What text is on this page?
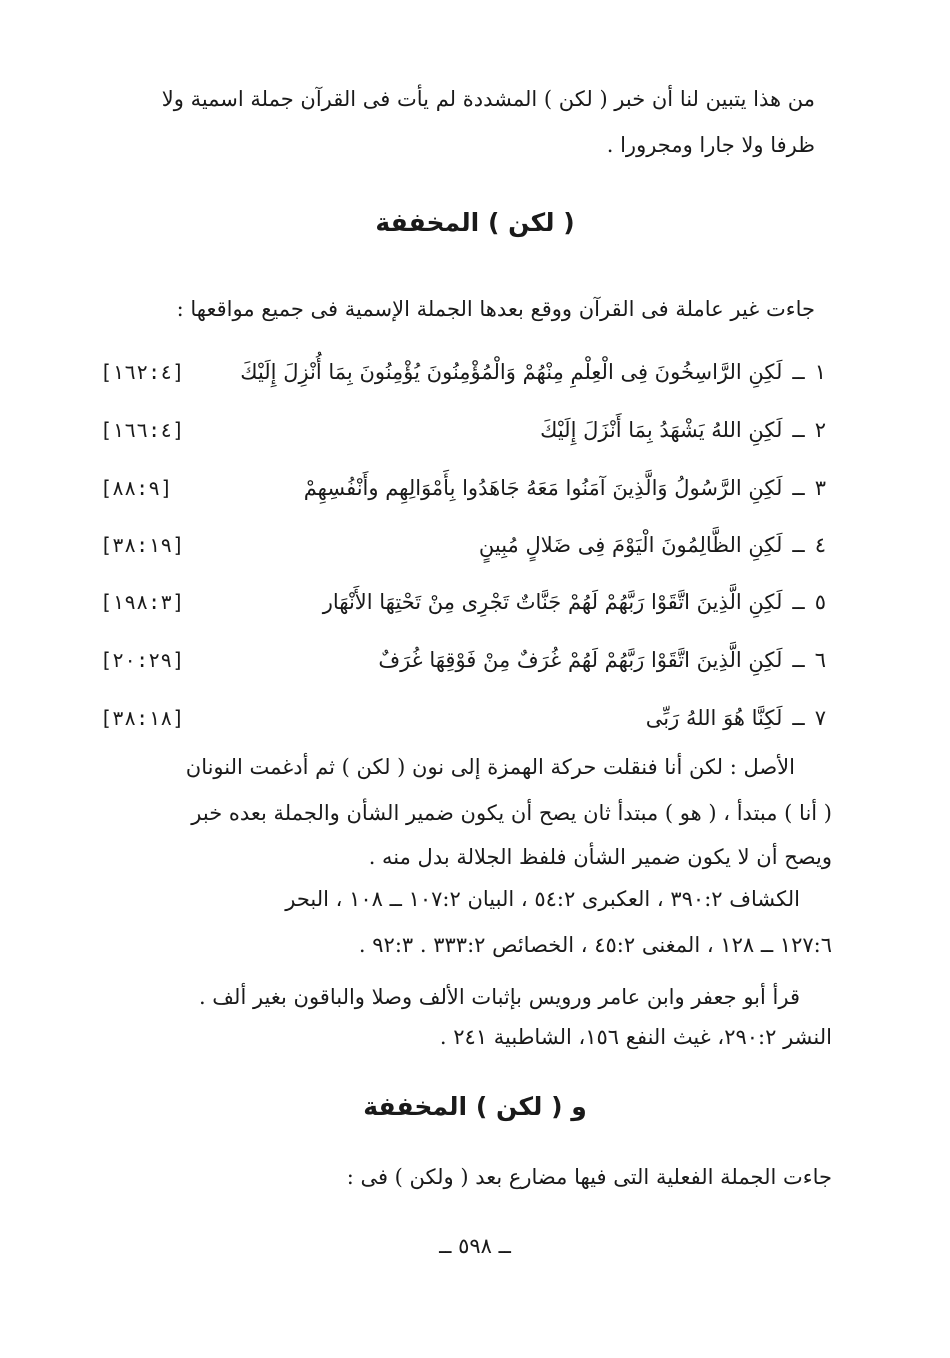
من هذا يتبين لنا أن خبر ( لكن ) المشددة لم يأت فى القرآن جملة اسمية ولا
ظرفا ولا جارا ومجرورا .
( لكن ) المخففة
جاءت غير عاملة فى القرآن ووقع بعدها الجملة الإسمية فى جميع مواقعها :
١ــلَكِنِ الرَّاسِخُونَ فِى الْعِلْمِ مِنْهُمْ وَالْمُؤْمِنُونَ يُؤْمِنُونَ بِمَا أُنْزِلَ إِلَيْكَ
[١٦٢:٤]
٢ــلَكِنِ اللهُ يَشْهَدُ بِمَا أَنْزَلَ إِلَيْكَ
[١٦٦:٤]
٣ــلَكِنِ الرَّسُولُ وَالَّذِينَ آمَنُوا مَعَهُ جَاهَدُوا بِأَمْوَالِهِم وأَنْفُسِهِمْ
[٨٨:٩]
٤ــلَكِنِ الظَّالِمُونَ الْيَوْمَ فِى ضَلالٍ مُبِينٍ
[٣٨:١٩]
٥ــلَكِنِ الَّذِينَ اتَّقَوْا رَبَّهُمْ لَهُمْ جَنَّاتٌ تَجْرِى مِنْ تَحْتِهَا الأَنْهَار
[١٩٨:٣]
٦ــلَكِنِ الَّذِينَ اتَّقَوْا رَبَّهُمْ لَهُمْ غُرَفٌ مِنْ فَوْقِهَا غُرَفٌ
[٢٠:٢٩]
٧ــلَكِنَّا هُوَ اللهُ رَبِّى
[٣٨:١٨]
الأصل : لكن أنا فنقلت حركة الهمزة إلى نون ( لكن ) ثم أدغمت النونان
( أنا ) مبتدأ ، ( هو ) مبتدأ ثان يصح أن يكون ضمير الشأن والجملة بعده خبر
ويصح أن لا يكون ضمير الشأن فلفظ الجلالة بدل منه .
الكشاف ٣٩٠:٢ ، العكبرى ٥٤:٢ ، البيان ١٠٧:٢ ــ ١٠٨ ، البحر
١٢٧:٦ ــ ١٢٨ ، المغنى ٤٥:٢ ، الخصائص ٣٣٣:٢ . ٩٢:٣ .
قرأ أبو جعفر وابن عامر ورويس بإثبات الألف وصلا والباقون بغير ألف .
النشر ٢٩٠:٢، غيث النفع ١٥٦، الشاطبية ٢٤١ .
و ( لكن ) المخففة
جاءت الجملة الفعلية التى فيها مضارع بعد ( ولكن ) فى :
ــ ٥٩٨ ــ
